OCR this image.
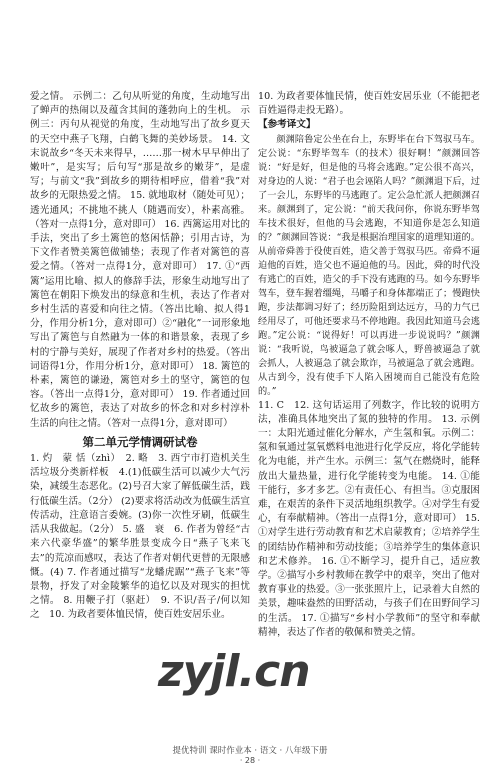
爱之情。 示例二：乙句从听觉的角度，生动地写出了蝉声的热闹以及蕴含其间的蓬勃向上的生机。 示例三：丙句从视觉的角度，生动地写出了故乡夏天的天空中燕子飞翔，白鹤飞舞的美妙场景。 14. 文末说故乡“冬天未来得早，……那一树木早早伸出了嫩叶”，是实写；后句写“那是故乡的嫩芽”，是虚写；与前文“我”到故乡的期待相呼应，借着“我”对故乡的无限热爱之情。 15. 就地取材（随处可见）；透光通风；不挑地不挑人（随遇而安），朴素高雅。（答对一点得1分，意对即可） 16. 西篱运用对比的手法，突出了乡土篱笆的悠闲恬静；引用古诗，为下文作者赞美篱笆做铺垫；表现了作者对篱笆的喜爱之情。（答对一点得1分，意对即可） 17. ①“西篱”运用比喻、拟人的修辞手法，形象生动地写出了篱笆在朝阳下焕发出的绿意和生机，表达了作者对乡村生活的喜爱和向往之情。（答出比喻、拟人得1分，作用分析1分，意对即可）②“融化”一词形象地写出了篱笆与自然融为一体的和谐景象，表现了乡村的宁静与美好，展现了作者对乡村的热爱。（答出词语得1分，作用分析1分，意对即可） 18. 篱笆的朴素，篱笆的谦逊，篱笆对乡土的坚守，篱笆的包容。（答出一点得1分，意对即可） 19. 作者通过回忆故乡的篱笆，表达了对故乡的怀念和对乡村淳朴生活的向往之情。（答对一点得1分，意对即可）

第二单元学情调研试卷

1. 灼　蒙 恬（zhì）　2. 略　3. 西宁市打造机关生活垃圾分类新样板　4.(1)低碳生活可以减少大气污染，减缓生态恶化。(2)号召大家了解低碳生活，践行低碳生活。（2分） (2)要求将活动改为低碳生活宣传活动，注意语言委婉。(3)你一次性牙刷，低碳生活从我做起。（2分） 5. 盛　衰　6. 作者为曾经“古来六代豪华盛”的繁华胜景变成今日“燕子飞来飞去”的荒凉而感叹，表达了作者对朝代更替的无限感慨。(4) 7. 作者通过描写“龙蟠虎踞”“燕子飞来”等景物，抒发了对金陵繁华的追忆以及对现实的担忧之情。 8. 用鞭子打（驱赶）　9. 不识/吾子/何以知之　10. 为政者要体恤民情，使百姓安居乐业。

10. 为政者要体恤民情，使百姓安居乐业（不能把老百姓逼得走投无路）。

【参考译文】

颜渊陪鲁定公坐在台上，东野毕在台下驾驭马车。定公说：“东野毕驾车（的技术）很好啊！”颜渊回答说：“好是好，但是他的马将会逃跑。”定公很不高兴，对身边的人说：“君子也会诬陷人吗？”颜渊退下后，过了一会儿，东野毕的马逃跑了。定公急忙派人把颜渊召来。颜渊到了，定公说：“前天我问你，你说东野毕驾车技术很好，但他的马会逃跑，不知道你是怎么知道的？”颜渊回答说：“我是根据治理国家的道理知道的。从前帝舜善于役使百姓，造父善于驾驭马匹。帝舜不逼迫他的百姓，造父也不逼迫他的马。因此，舜的时代没有逃亡的百姓，造父的手下没有逃跑的马。如今东野毕驾车，登车握着缰绳，马嚼子和身体都端正了；慢跑快跑，步法都调习好了；经历险阻到达远方，马的力气已经用尽了，可他还要求马不停地跑。我因此知道马会逃跑。”定公说：“说得好！可以再进一步说说吗？”颜渊说：“我听说，鸟被逼急了就会啄人，野兽被逼急了就会抓人，人被逼急了就会欺诈，马被逼急了就会逃跑。从古到今，没有使手下人陷入困境而自己能没有危险的。”

11. C　12. 这句话运用了列数字，作比较的说明方法，准确具体地突出了氮的独特的作用。 13. 示例一：太阳光通过催化分解水，产生氢和氧。示例二：氢和氧通过氢氧燃料电池进行化学反应，将化学能转化为电能，并产生水。示例三：氢气在燃烧时，能释放出大量热量，进行化学能转变为电能。 14. ①能干能行，多才多艺。②有责任心、有担当。③克服困难，在艰苦的条件下灵活地组织教学。④对学生有爱心，有奉献精神。（答出一点得1分，意对即可） 15. ①对学生进行劳动教育和艺术启蒙教育；②培养学生的团结协作精神和劳动技能；③培养学生的集体意识和艺术修养。 16. ①不断学习，提升自己，适应教学。②描写小乡村教师在教学中的艰辛，突出了他对教育事业的热爱。③一张张照片上，记录着大自然的美景，趣味盎然的田野活动，与孩子们在田野间学习的生活。 17. ①描写“乡村小学教师”的坚守和奉献精神，表达了作者的敬佩和赞美之情。

zyjl.cn
提优特训 课时作业本 · 语文 · 八年级下册
· 28 ·
